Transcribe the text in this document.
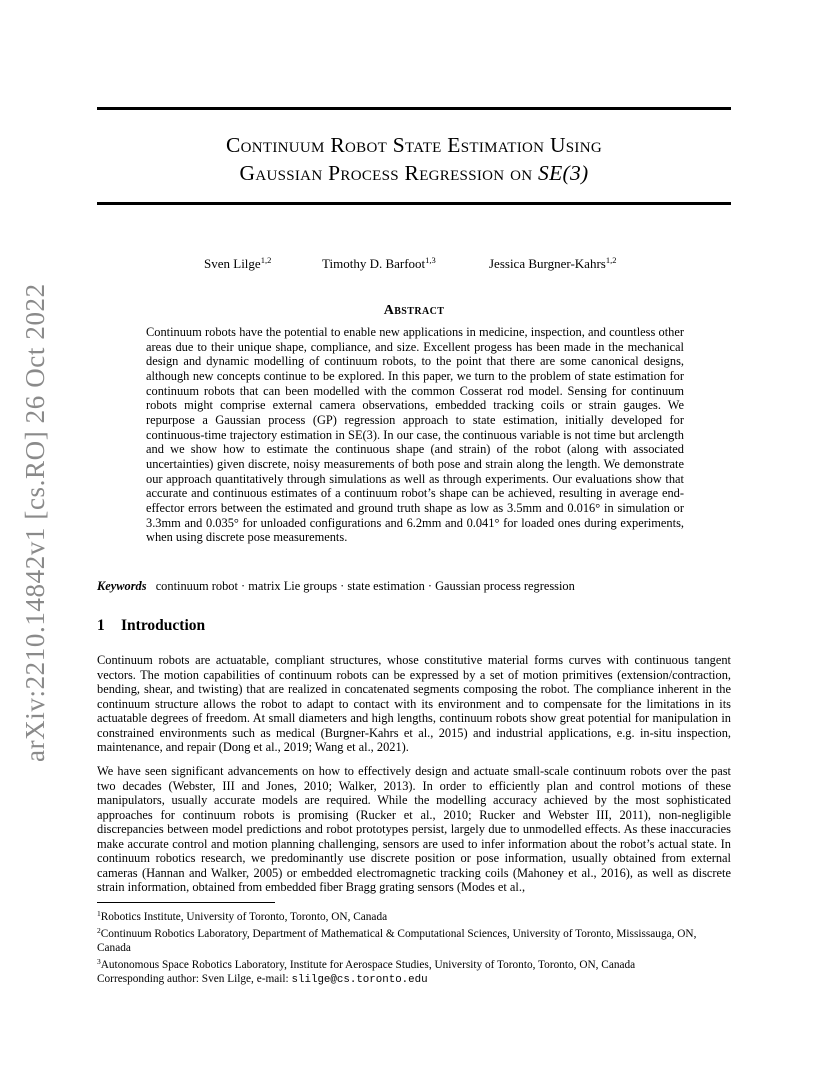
arXiv:2210.14842v1 [cs.RO] 26 Oct 2022
Continuum Robot State Estimation Using
Gaussian Process Regression on SE(3)
Sven Lilge$^{1,2}$	Timothy D. Barfoot$^{1,3}$	Jessica Burgner-Kahrs$^{1,2}$
Abstract

Continuum robots have the potential to enable new applications in medicine, inspection, and countless other areas due to their unique shape, compliance, and size. Excellent progess has been made in the mechanical design and dynamic modelling of continuum robots, to the point that there are some canonical designs, although new concepts continue to be explored. In this paper, we turn to the problem of state estimation for continuum robots that can been modelled with the common Cosserat rod model. Sensing for continuum robots might comprise external camera observations, embedded tracking coils or strain gauges. We repurpose a Gaussian process (GP) regression approach to state estimation, initially developed for continuous-time trajectory estimation in SE(3). In our case, the continuous variable is not time but arclength and we show how to estimate the continuous shape (and strain) of the robot (along with associated uncertainties) given discrete, noisy measurements of both pose and strain along the length. We demonstrate our approach quantitatively through simulations as well as through experiments. Our evaluations show that accurate and continuous estimates of a continuum robot’s shape can be achieved, resulting in average end-effector errors between the estimated and ground truth shape as low as 3.5mm and 0.016° in simulation or 3.3mm and 0.035° for unloaded configurations and 6.2mm and 0.041° for loaded ones during experiments, when using discrete pose measurements.

Keywords continuum robot · matrix Lie groups · state estimation · Gaussian process regression
1 Introduction

Continuum robots are actuatable, compliant structures, whose constitutive material forms curves with continuous tangent vectors. The motion capabilities of continuum robots can be expressed by a set of motion primitives (extension/contraction, bending, shear, and twisting) that are realized in concatenated segments composing the robot. The compliance inherent in the continuum structure allows the robot to adapt to contact with its environment and to compensate for the limitations in its actuatable degrees of freedom. At small diameters and high lengths, continuum robots show great potential for manipulation in constrained environments such as medical (Burgner-Kahrs et al., 2015) and industrial applications, e.g. in-situ inspection, maintenance, and repair (Dong et al., 2019; Wang et al., 2021).

We have seen significant advancements on how to effectively design and actuate small-scale continuum robots over the past two decades (Webster, III and Jones, 2010; Walker, 2013). In order to efficiently plan and control motions of these manipulators, usually accurate models are required. While the modelling accuracy achieved by the most sophisticated approaches for continuum robots is promising (Rucker et al., 2010; Rucker and Webster III, 2011), non-negligible discrepancies between model predictions and robot prototypes persist, largely due to unmodelled effects. As these inaccuracies make accurate control and motion planning challenging, sensors are used to infer information about the robot’s actual state. In continuum robotics research, we predominantly use discrete position or pose information, usually obtained from external cameras (Hannan and Walker, 2005) or embedded electromagnetic tracking coils (Mahoney et al., 2016), as well as discrete strain information, obtained from embedded fiber Bragg grating sensors (Modes et al.,

$^1$Robotics Institute, University of Toronto, Toronto, ON, Canada

$^2$Continuum Robotics Laboratory, Department of Mathematical & Computational Sciences, University of Toronto, Mississauga, ON, Canada

$^3$Autonomous Space Robotics Laboratory, Institute for Aerospace Studies, University of Toronto, Toronto, ON, Canada

Corresponding author: Sven Lilge, e-mail: slilge@cs.toronto.edu
